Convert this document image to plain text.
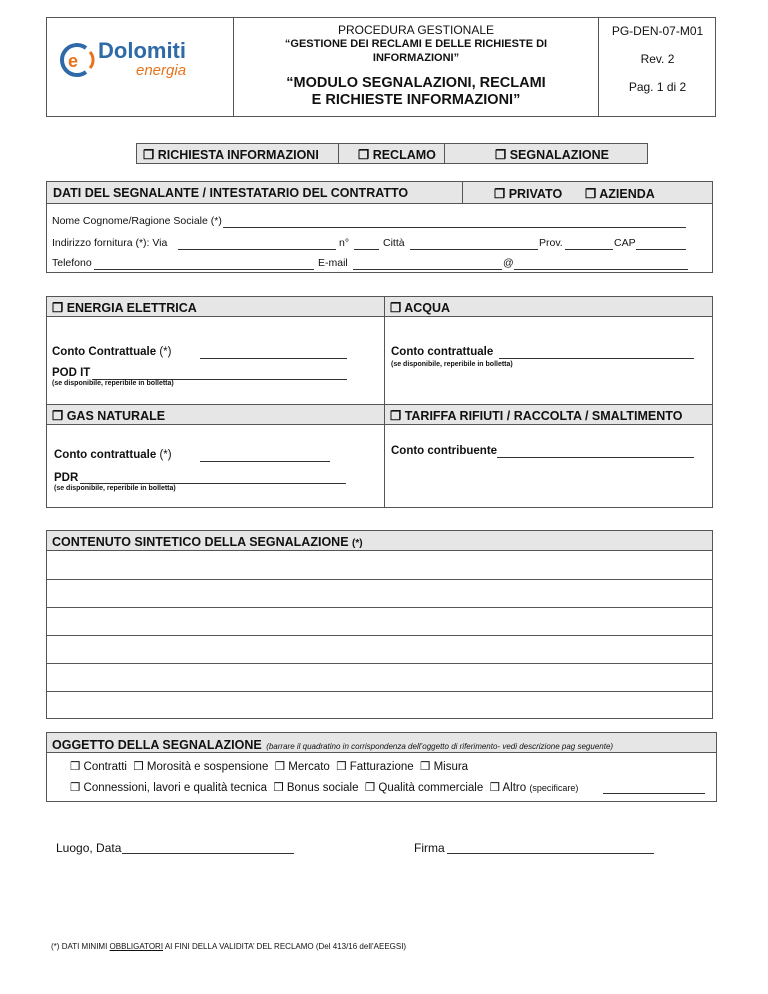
e Dolomiti
energia
PROCEDURA GESTIONALE
“GESTIONE DEI RECLAMI E DELLE RICHIESTE DI
INFORMAZIONI”
“MODULO SEGNALAZIONI, RECLAMI
E RICHIESTE INFORMAZIONI”
PG-DEN-07-M01
Rev. 2
Pag. 1 di 2
❒ RICHIESTA INFORMAZIONI	❒ RECLAMO	❒ SEGNALAZIONE
DATI DEL SEGNALANTE / INTESTATARIO DEL CONTRATTO	❒ PRIVATO ❒ AZIENDA
Nome Cognome/Ragione Sociale (*)
Indirizzo fornitura (*): Via	n°	Città	Prov.	CAP
Telefono	E-mail	@
❒ ENERGIA ELETTRICA	❒ ACQUA
Conto Contrattuale (*)
POD IT
(se disponibile, reperibile in bolletta)
Conto contrattuale
(se disponibile, reperibile in bolletta)
❒ GAS NATURALE	❒ TARIFFA RIFIUTI / RACCOLTA / SMALTIMENTO
Conto contrattuale (*)
PDR
(se disponibile, reperibile in bolletta)
Conto contribuente
CONTENUTO SINTETICO DELLA SEGNALAZIONE (*)
OGGETTO DELLA SEGNALAZIONE (barrare il quadratino in corrispondenza dell’oggetto di riferimento- vedi descrizione pag seguente)
❒ Contratti ❒ Morosità e sospensione ❒ Mercato ❒ Fatturazione ❒ Misura
❒ Connessioni, lavori e qualità tecnica ❒ Bonus sociale ❒ Qualità commerciale ❒ Altro (specificare)
Luogo, Data	Firma
(*) DATI MINIMI OBBLIGATORI AI FINI DELLA VALIDITA’ DEL RECLAMO (Del 413/16 dell’AEEGSI)
